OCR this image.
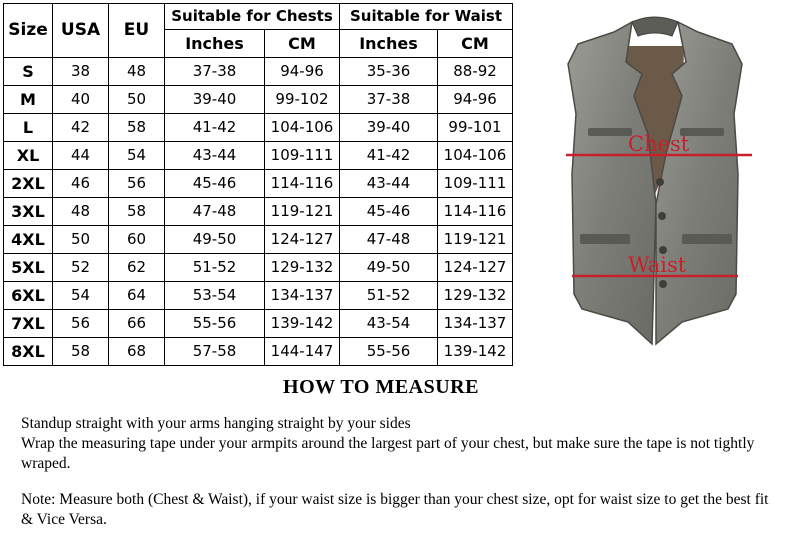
Size	USA	EU	Suitable for Chests		Suitable for Waist	
			Inches	CM	Inches	CM
S	38	48	37-38	94-96	35-36	88-92
M	40	50	39-40	99-102	37-38	94-96
L	42	58	41-42	104-106	39-40	99-101
XL	44	54	43-44	109-111	41-42	104-106
2XL	46	56	45-46	114-116	43-44	109-111
3XL	48	58	47-48	119-121	45-46	114-116
4XL	50	60	49-50	124-127	47-48	119-121
5XL	52	62	51-52	129-132	49-50	124-127
6XL	54	64	53-54	134-137	51-52	129-132
7XL	56	66	55-56	139-142	43-54	134-137
8XL	58	68	57-58	144-147	55-56	139-142
Chest
Waist
HOW TO MEASURE

Standup straight with your arms hanging straight by your sides

Wrap the measuring tape under your armpits around the largest part of your chest, but make sure the tape is not tightly wraped.

Note: Measure both (Chest & Waist), if your waist size is bigger than your chest size, opt for waist size to get the best fit & Vice Versa.
